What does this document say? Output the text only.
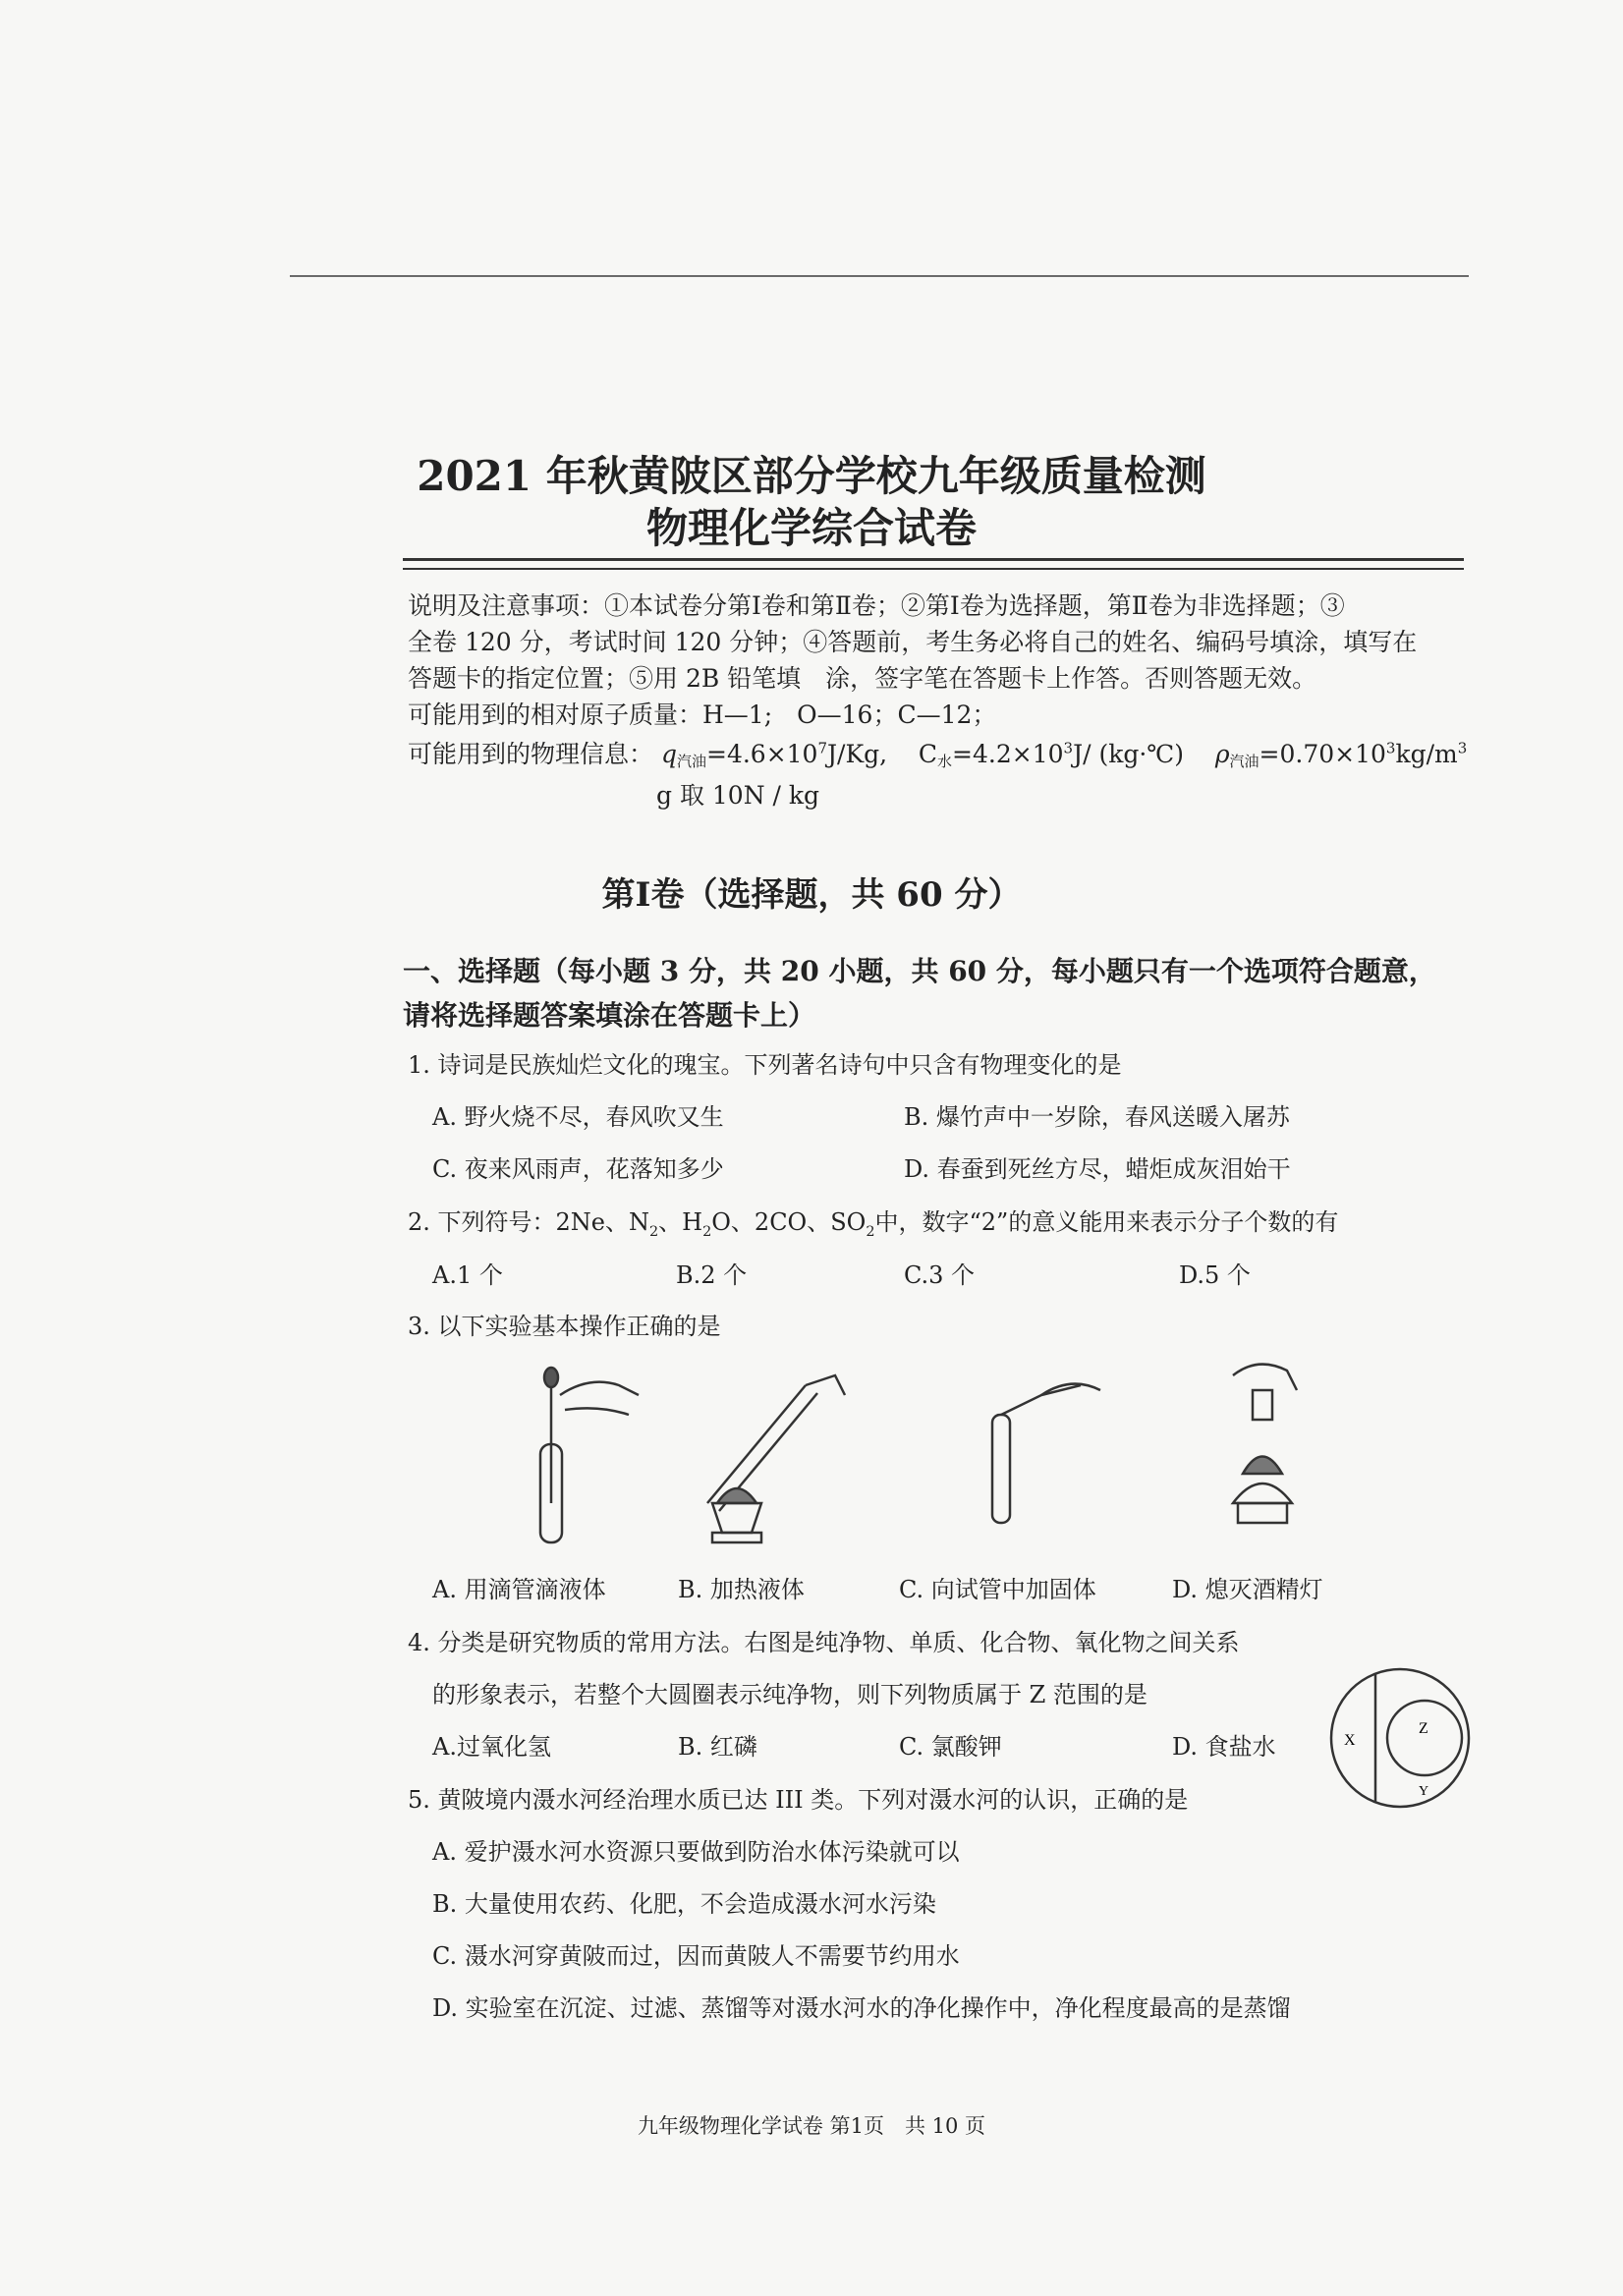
2021 年秋黄陂区部分学校九年级质量检测
物理化学综合试卷
说明及注意事项：①本试卷分第Ⅰ卷和第Ⅱ卷；②第Ⅰ卷为选择题，第Ⅱ卷为非选择题；③
全卷 120 分，考试时间 120 分钟；④答题前，考生务必将自己的姓名、编码号填涂，填写在
答题卡的指定位置；⑤用 2B 铅笔填　涂，签字笔在答题卡上作答。否则答题无效。
可能用到的相对原子质量：H—1;　O—16；C—12；
可能用到的物理信息： q汽油$=4.6\times 10^7J/Kg$, C水$=4.2\times 10^3J/$ (kg·℃) ρ汽油$=0.70\times 10^3kg/m^3$
g 取 10N / kg
第Ⅰ卷（选择题，共 60 分）
一、选择题（每小题 3 分，共 20 小题，共 60 分，每小题只有一个选项符合题意，
请将选择题答案填涂在答题卡上）
1. 诗词是民族灿烂文化的瑰宝。下列著名诗句中只含有物理变化的是
A. 野火烧不尽，春风吹又生	B. 爆竹声中一岁除，春风送暖入屠苏
C. 夜来风雨声，花落知多少	D. 春蚕到死丝方尽，蜡炬成灰泪始干
2. 下列符号：2Ne、$N_2$、$H_2O$、2CO、$SO_2$中，数字“2”的意义能用来表示分子个数的有
A.1 个	B.2 个	C.3 个	D.5 个
3. 以下实验基本操作正确的是
A. 用滴管滴液体	B. 加热液体	C. 向试管中加固体	D. 熄灭酒精灯
4. 分类是研究物质的常用方法。右图是纯净物、单质、化合物、氧化物之间关系
的形象表示，若整个大圆圈表示纯净物，则下列物质属于 Z 范围的是
A.过氧化氢	B. 红磷	C. 氯酸钾	D. 食盐水	X
Z
Y
5. 黄陂境内滠水河经治理水质已达 III 类。下列对滠水河的认识，正确的是
A. 爱护滠水河水资源只要做到防治水体污染就可以
B. 大量使用农药、化肥，不会造成滠水河水污染
C. 滠水河穿黄陂而过，因而黄陂人不需要节约用水
D. 实验室在沉淀、过滤、蒸馏等对滠水河水的净化操作中，净化程度最高的是蒸馏
九年级物理化学试卷 第1页　共 10 页
